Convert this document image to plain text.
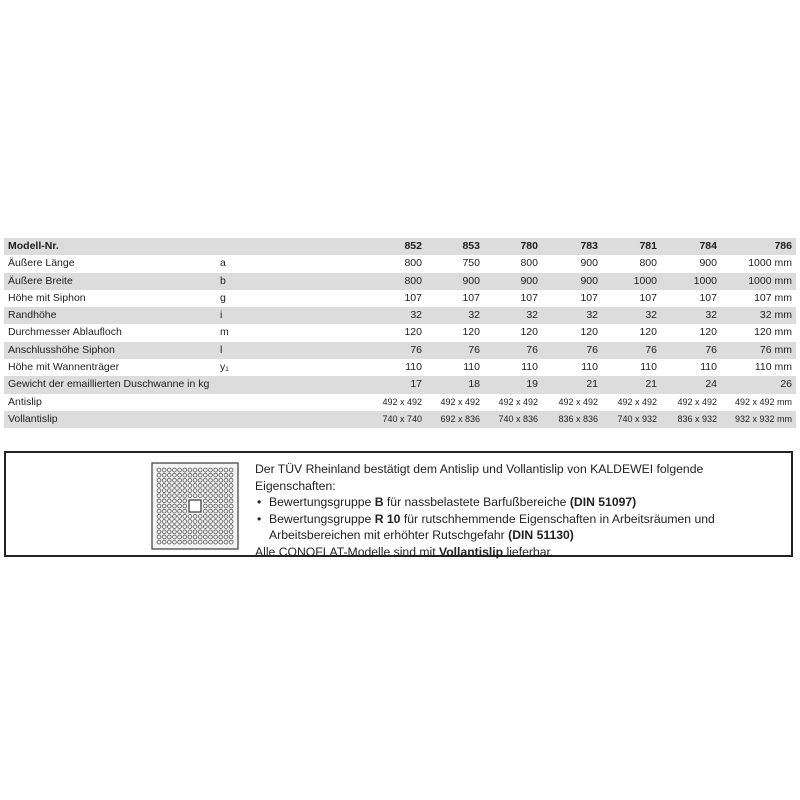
Modell-Nr.		852	853	780	783	781	784	786
Äußere Länge	a	800	750	800	900	800	900	1000 mm
Äußere Breite	b	800	900	900	900	1000	1000	1000 mm
Höhe mit Siphon	g	107	107	107	107	107	107	107 mm
Randhöhe	i	32	32	32	32	32	32	32 mm
Durchmesser Ablaufloch	m	120	120	120	120	120	120	120 mm
Anschlusshöhe Siphon	l	76	76	76	76	76	76	76 mm
Höhe mit Wannenträger	y₁	110	110	110	110	110	110	110 mm
Gewicht der emaillierten Duschwanne in kg		17	18	19	21	21	24	26
Antislip		492 x 492	492 x 492	492 x 492	492 x 492	492 x 492	492 x 492	492 x 492 mm
Vollantislip		740 x 740	692 x 836	740 x 836	836 x 836	740 x 932	836 x 932	932 x 932 mm

Der TÜV Rheinland bestätigt dem Antislip und Vollantislip von KALDEWEI folgende Eigenschaften:

• Bewertungsgruppe B für nassbelastete Barfußbereiche (DIN 51097)

• Bewertungsgruppe R 10 für rutschhemmende Eigenschaften in Arbeitsräumen und

Arbeitsbereichen mit erhöhter Rutschgefahr (DIN 51130)

Alle CONOFLAT-Modelle sind mit Vollantislip lieferbar.
